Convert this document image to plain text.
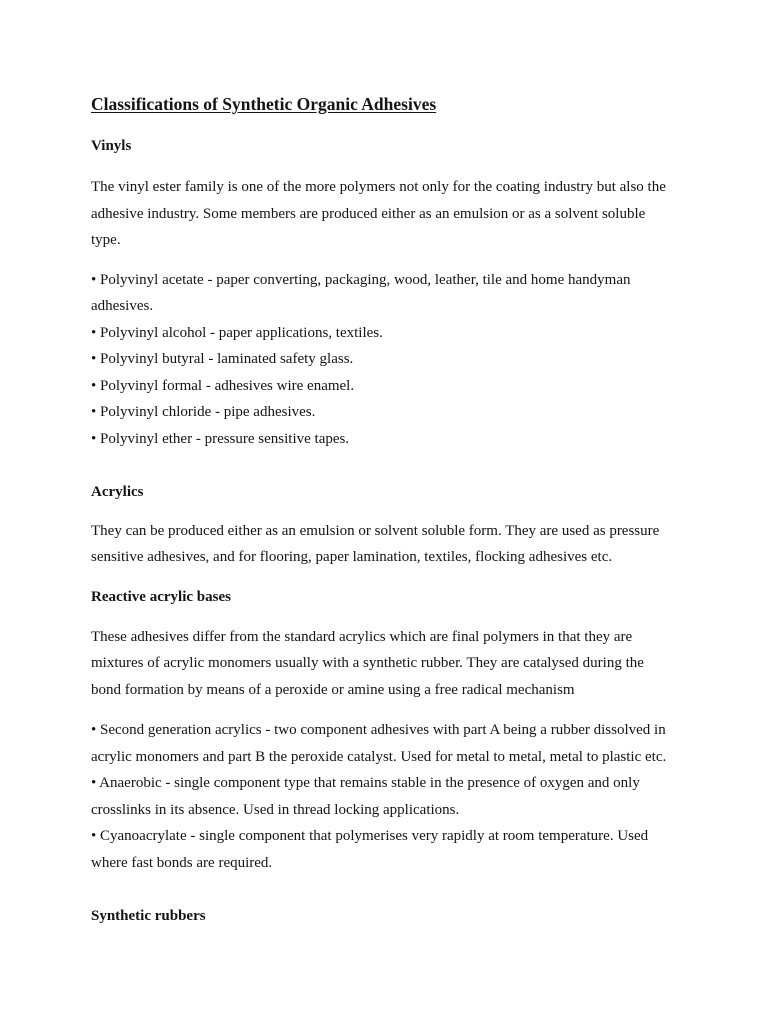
Classifications of Synthetic Organic Adhesives
Vinyls
The vinyl ester family is one of the more polymers not only for the coating industry but also the
adhesive industry. Some members are produced either as an emulsion or as a solvent soluble
type.
• Polyvinyl acetate - paper converting, packaging, wood, leather, tile and home handyman
adhesives.
• Polyvinyl alcohol - paper applications, textiles.
• Polyvinyl butyral - laminated safety glass.
• Polyvinyl formal - adhesives wire enamel.
• Polyvinyl chloride - pipe adhesives.
• Polyvinyl ether - pressure sensitive tapes.
Acrylics
They can be produced either as an emulsion or solvent soluble form. They are used as pressure
sensitive adhesives, and for flooring, paper lamination, textiles, flocking adhesives etc.
Reactive acrylic bases
These adhesives differ from the standard acrylics which are final polymers in that they are
mixtures of acrylic monomers usually with a synthetic rubber. They are catalysed during the
bond formation by means of a peroxide or amine using a free radical mechanism
• Second generation acrylics - two component adhesives with part A being a rubber dissolved in
acrylic monomers and part B the peroxide catalyst. Used for metal to metal, metal to plastic etc.
• Anaerobic - single component type that remains stable in the presence of oxygen and only
crosslinks in its absence. Used in thread locking applications.
• Cyanoacrylate - single component that polymerises very rapidly at room temperature. Used
where fast bonds are required.
Synthetic rubbers
